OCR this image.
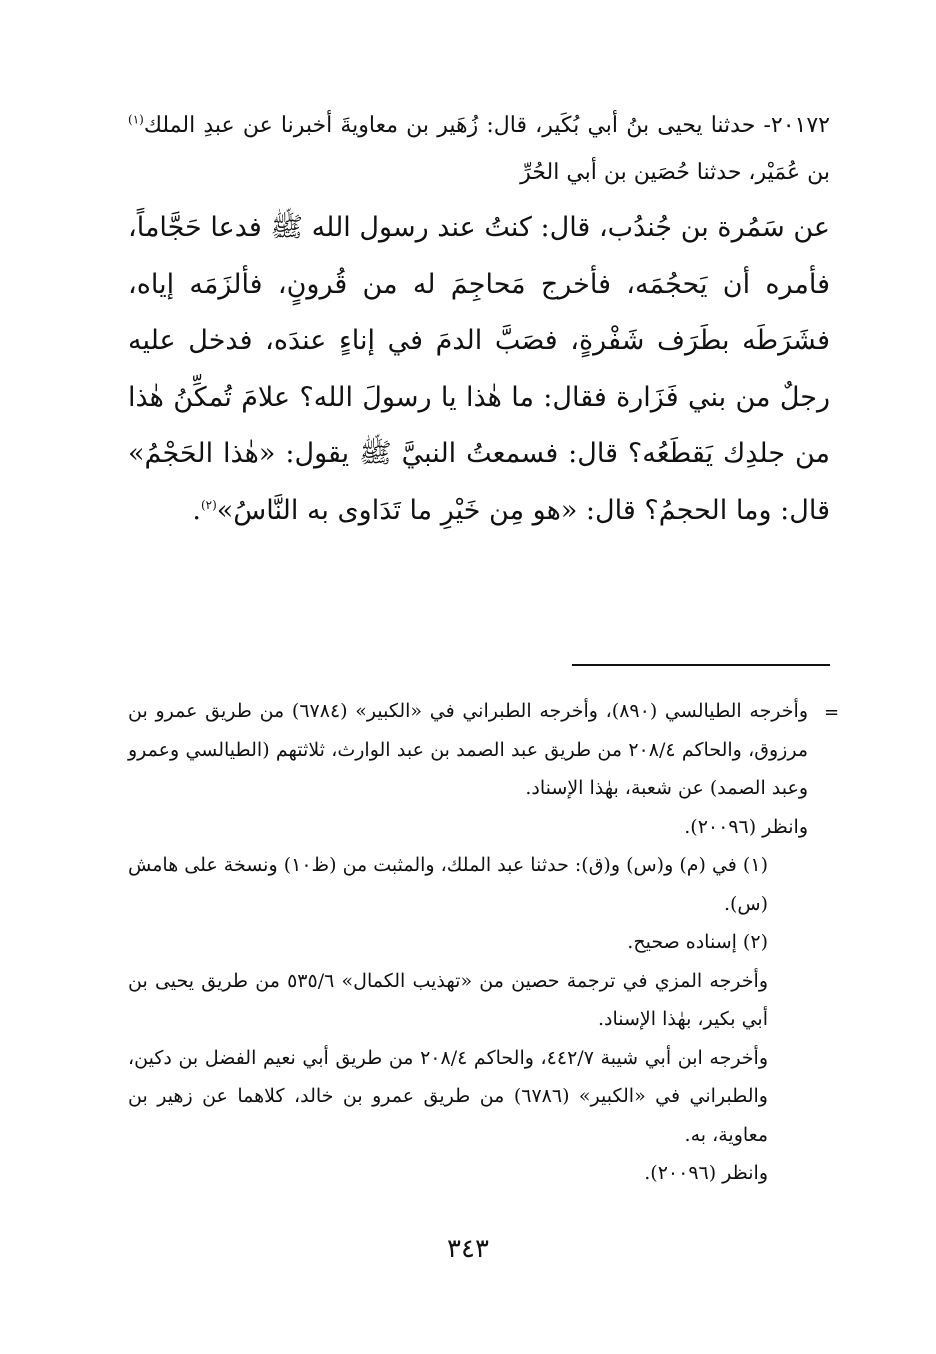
٢٠١٧٢- حدثنا يحيى بنُ أبي بُكَير، قال: زُهَير بن معاويةَ أخبرنا عن عبدِ الملك$^{(١)}$ بن عُمَيْر، حدثنا حُصَين بن أبي الحُرِّ
عن سَمُرة بن جُندُب، قال: كنتُ عند رسول الله ﷺ فدعا حَجَّاماً، فأمره أن يَحجُمَه، فأخرج مَحاجِمَ له من قُرونٍ، فألزَمَه إياه، فشَرَطَه بطَرَف شَفْرةٍ، فصَبَّ الدمَ في إناءٍ عندَه، فدخل عليه رجلٌ من بني فَزَارة فقال: ما هٰذا يا رسولَ الله؟ علامَ تُمكِّنُ هٰذا من جلدِك يَقطَعُه؟ قال: فسمعتُ النبيَّ ﷺ يقول: «هٰذا الحَجْمُ» قال: وما الحجمُ؟ قال: «هو مِن خَيْرِ ما تَدَاوى به النَّاسُ»$^{(٢)}$.
=

وأخرجه الطيالسي (٨٩٠)، وأخرجه الطبراني في «الكبير» (٦٧٨٤) من طريق عمرو بن مرزوق، والحاكم ٢٠٨/٤ من طريق عبد الصمد بن عبد الوارث، ثلاثتهم (الطيالسي وعمرو وعبد الصمد) عن شعبة، بهٰذا الإسناد.

وانظر (٢٠٠٩٦).

(١) في (م) و(س) و(ق): حدثنا عبد الملك، والمثبت من (ظ١٠) ونسخة على هامش (س).

(٢) إسناده صحيح.

وأخرجه المزي في ترجمة حصين من «تهذيب الكمال» ٥٣٥/٦ من طريق يحيى بن أبي بكير، بهٰذا الإسناد.

وأخرجه ابن أبي شيبة ٤٤٢/٧، والحاكم ٢٠٨/٤ من طريق أبي نعيم الفضل بن دكين، والطبراني في «الكبير» (٦٧٨٦) من طريق عمرو بن خالد، كلاهما عن زهير بن معاوية، به.

وانظر (٢٠٠٩٦).

٣٤٣
